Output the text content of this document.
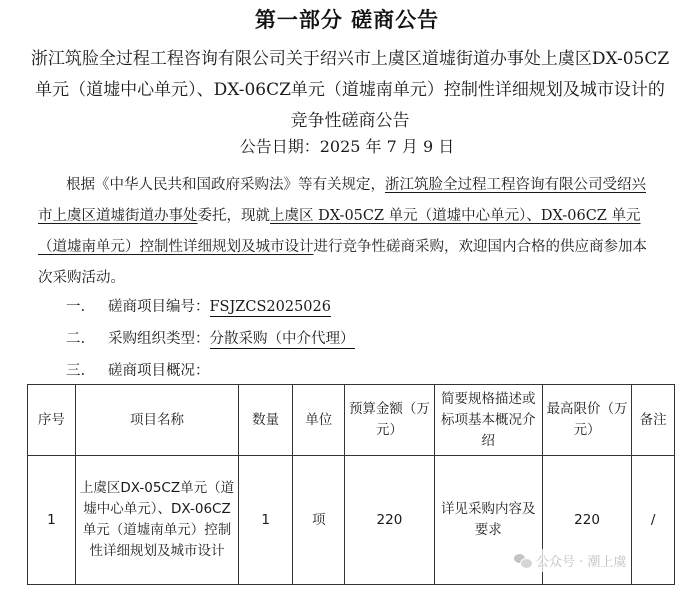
第一部分 磋商公告
浙江筑脸全过程工程咨询有限公司关于绍兴市上虞区道墟街道办事处上虞区DX-05CZ单元（道墟中心单元）、DX-06CZ单元（道墟南单元）控制性详细规划及城市设计的竞争性磋商公告
公告日期：2025 年 7 月 9 日
根据《中华人民共和国政府采购法》等有关规定，浙江筑脸全过程工程咨询有限公司受绍兴市上虞区道墟街道办事处委托，现就上虞区 DX-05CZ 单元（道墟中心单元）、DX-06CZ 单元（道墟南单元）控制性详细规划及城市设计进行竞争性磋商采购，欢迎国内合格的供应商参加本次采购活动。
一. 磋商项目编号：FSJZCS2025026
二. 采购组织类型：分散采购（中介代理）
三. 磋商项目概况：
序号	项目名称	数量	单位	预算金额（万元）	简要规格描述或标项基本概况介绍	最高限价（万元）	备注
1	上虞区DX-05CZ单元（道墟中心单元）、DX-06CZ单元（道墟南单元）控制性详细规划及城市设计	1	项	220	详见采购内容及要求	220	/
公众号 · 潮上虞
